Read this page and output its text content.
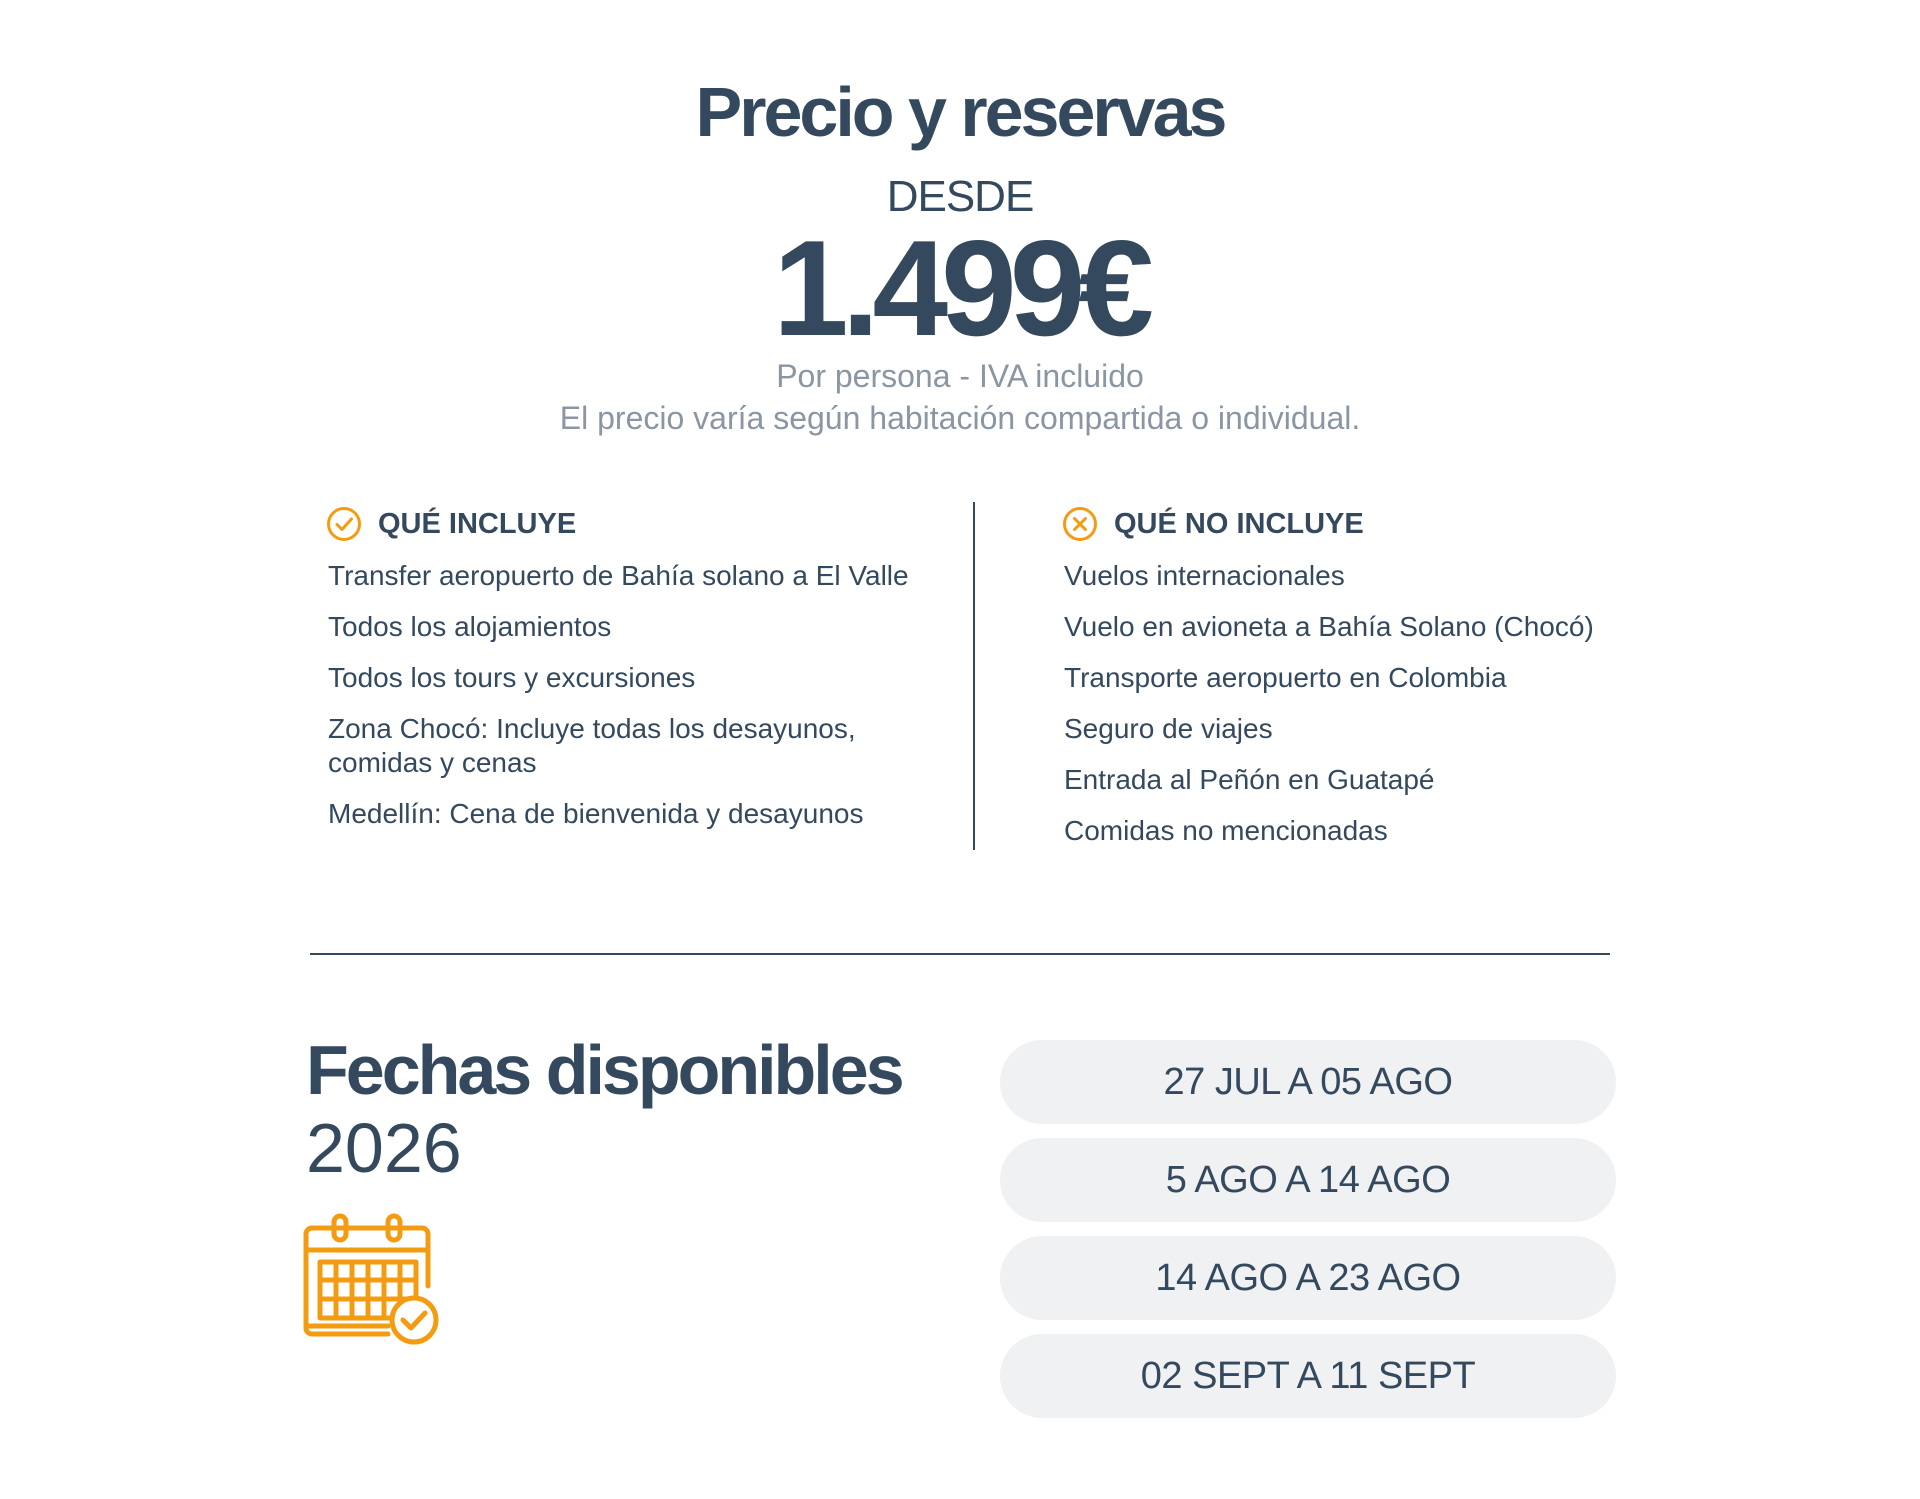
Precio y reservas
DESDE
1.499€
Por persona - IVA incluido
El precio varía según habitación compartida o individual.
QUÉ INCLUYE
Transfer aeropuerto de Bahía solano a El Valle
Todos los alojamientos
Todos los tours y excursiones
Zona Chocó: Incluye todas los desayunos,
comidas y cenas
Medellín: Cena de bienvenida y desayunos
QUÉ NO INCLUYE
Vuelos internacionales
Vuelo en avioneta a Bahía Solano (Chocó)
Transporte aeropuerto en Colombia
Seguro de viajes
Entrada al Peñón en Guatapé
Comidas no mencionadas
Fechas disponibles
2026
27 JUL A 05 AGO
5 AGO A 14 AGO
14 AGO A 23 AGO
02 SEPT A 11 SEPT
